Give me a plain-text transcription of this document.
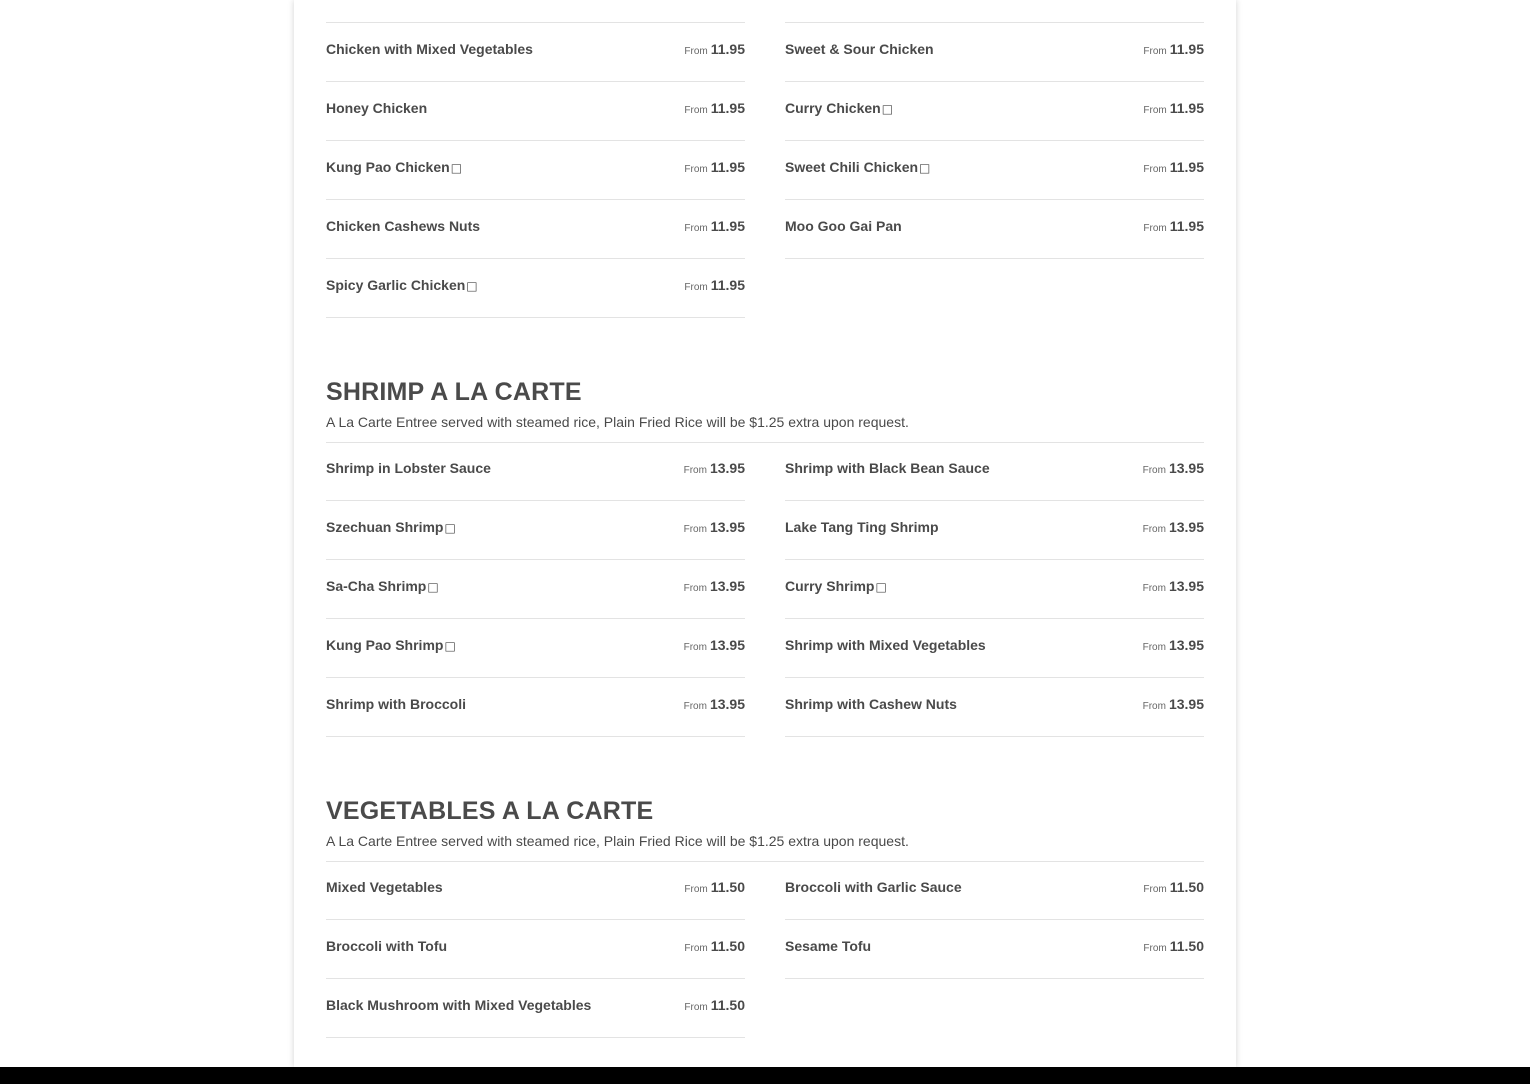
Chicken with Mixed Vegetables	From 11.95
Honey Chicken	From 11.95
Kung Pao Chicken□	From 11.95
Chicken Cashews Nuts	From 11.95
Spicy Garlic Chicken□	From 11.95
Sweet & Sour Chicken	From 11.95
Curry Chicken□	From 11.95
Sweet Chili Chicken□	From 11.95
Moo Goo Gai Pan	From 11.95
SHRIMP A LA CARTE
A La Carte Entree served with steamed rice, Plain Fried Rice will be $1.25 extra upon request.
Shrimp in Lobster Sauce	From 13.95
Szechuan Shrimp□	From 13.95
Sa-Cha Shrimp□	From 13.95
Kung Pao Shrimp□	From 13.95
Shrimp with Broccoli	From 13.95
Shrimp with Black Bean Sauce	From 13.95
Lake Tang Ting Shrimp	From 13.95
Curry Shrimp□	From 13.95
Shrimp with Mixed Vegetables	From 13.95
Shrimp with Cashew Nuts	From 13.95
VEGETABLES A LA CARTE
A La Carte Entree served with steamed rice, Plain Fried Rice will be $1.25 extra upon request.
Mixed Vegetables	From 11.50
Broccoli with Tofu	From 11.50
Black Mushroom with Mixed Vegetables	From 11.50
Broccoli with Garlic Sauce	From 11.50
Sesame Tofu	From 11.50
